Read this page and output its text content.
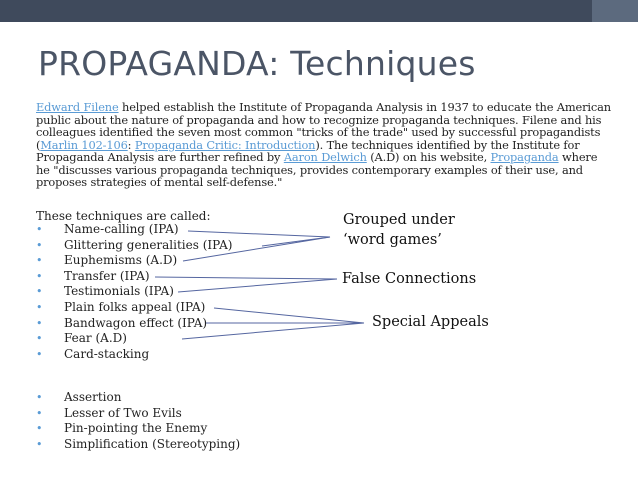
PROPAGANDA: Techniques
Edward Filene helped establish the Institute of Propaganda Analysis in 1937 to educate the American public about the nature of propaganda and how to recognize propaganda techniques. Filene and his colleagues identified the seven most common "tricks of the trade" used by successful propagandists (Marlin 102-106: Propaganda Critic: Introduction). The techniques identified by the Institute for Propaganda Analysis are further refined by Aaron Delwich (A.D) on his website, Propaganda where he "discusses various propaganda techniques, provides contemporary examples of their use, and proposes strategies of mental self-defense."
These techniques are called:
• Name-calling (IPA)
• Glittering generalities (IPA)
• Euphemisms (A.D)
• Transfer (IPA)
• Testimonials (IPA)
• Plain folks appeal (IPA)
• Bandwagon effect (IPA)
• Fear (A.D)
• Card-stacking
• Assertion
• Lesser of Two Evils
• Pin-pointing the Enemy
• Simplification (Stereotyping)
Grouped under
‘word games’
False Connections
Special Appeals
